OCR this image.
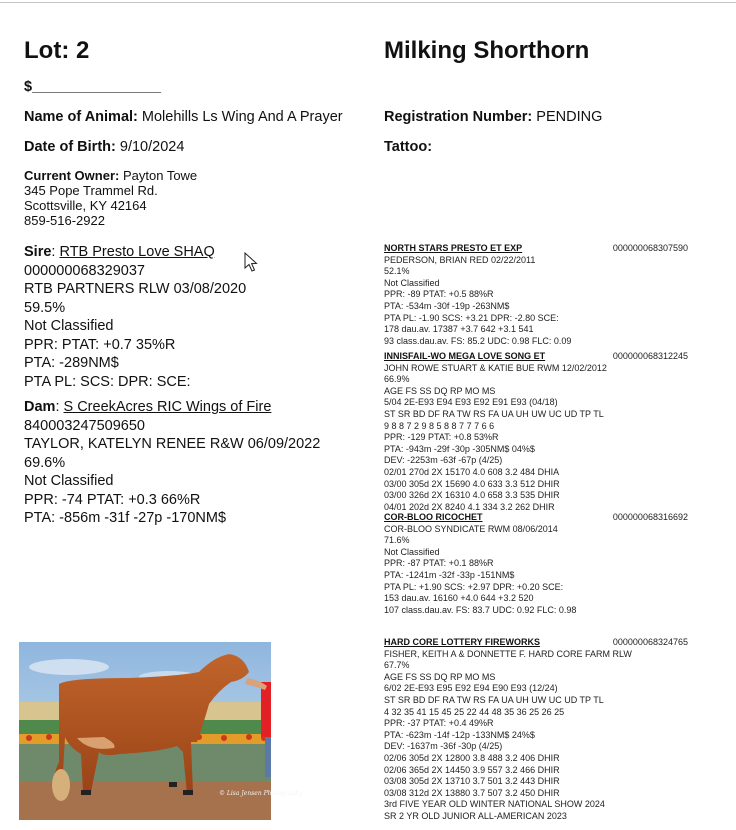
Lot: 2
$________________
Name of Animal: Molehills Ls Wing And A Prayer
Date of Birth: 9/10/2024
Current Owner: Payton Towe
345 Pope Trammel Rd.
Scottsville, KY 42164
859-516-2922
Milking Shorthorn
Registration Number: PENDING
Tattoo:
Sire: RTB Presto Love SHAQ
000000068329037
RTB PARTNERS RLW 03/08/2020
59.5%
Not Classified
PPR: PTAT: +0.7 35%R
PTA: -289NM$
PTA PL: SCS: DPR: SCE:
Dam: S CreekAcres RIC Wings of Fire
840003247509650
TAYLOR, KATELYN RENEE R&W 06/09/2022
69.6%
Not Classified
PPR: -74 PTAT: +0.3 66%R
PTA: -856m -31f -27p -170NM$
NORTH STARS PRESTO ET EXP	000000068307590
PEDERSON, BRIAN RED 02/22/2011
52.1%
Not Classified
PPR: -89 PTAT: +0.5 88%R
PTA: -534m -30f -19p -263NM$
PTA PL: -1.90 SCS: +3.21 DPR: -2.80 SCE:
178 dau.av. 17387 +3.7 642 +3.1 541
93 class.dau.av. FS: 85.2 UDC: 0.98 FLC: 0.09
INNISFAIL-WO MEGA LOVE SONG ET	000000068312245
JOHN ROWE STUART & KATIE BUE RWM 12/02/2012
66.9%
AGE FS SS DQ RP MO MS
5/04 2E-E93 E94 E93 E92 E91 E93 (04/18)
ST SR BD DF RA TW RS FA UA UH UW UC UD TP TL
9 8 8 7 2 9 8 5 8 8 7 7 7 6 6
PPR: -129 PTAT: +0.8 53%R
PTA: -943m -29f -30p -305NM$ 04%$
DEV: -2253m -63f -67p (4/25)
02/01 270d 2X 15170 4.0 608 3.2 484 DHIA
03/00 305d 2X 15690 4.0 633 3.3 512 DHIR
03/00 326d 2X 16310 4.0 658 3.3 535 DHIR
04/01 202d 2X 8240 4.1 334 3.2 262 DHIR
COR-BLOO RICOCHET	000000068316692
COR-BLOO SYNDICATE RWM 08/06/2014
71.6%
Not Classified
PPR: -87 PTAT: +0.1 88%R
PTA: -1241m -32f -33p -151NM$
PTA PL: +1.90 SCS: +2.97 DPR: +0.20 SCE:
153 dau.av. 16160 +4.0 644 +3.2 520
107 class.dau.av. FS: 83.7 UDC: 0.92 FLC: 0.98
HARD CORE LOTTERY FIREWORKS	000000068324765
FISHER, KEITH A & DONNETTE F. HARD CORE FARM RLW
67.7%
AGE FS SS DQ RP MO MS
6/02 2E-E93 E95 E92 E94 E90 E93 (12/24)
ST SR BD DF RA TW RS FA UA UH UW UC UD TP TL
4 32 35 41 15 45 25 22 44 48 35 36 25 26 25
PPR: -37 PTAT: +0.4 49%R
PTA: -623m -14f -12p -133NM$ 24%$
DEV: -1637m -36f -30p (4/25)
02/06 305d 2X 12800 3.8 488 3.2 406 DHIR
02/06 365d 2X 14450 3.9 557 3.2 466 DHIR
03/08 305d 2X 13710 3.7 501 3.2 443 DHIR
03/08 312d 2X 13880 3.7 507 3.2 450 DHIR
3rd FIVE YEAR OLD WINTER NATIONAL SHOW 2024
SR 2 YR OLD JUNIOR ALL-AMERICAN 2023
© Lisa Jensen Photography
